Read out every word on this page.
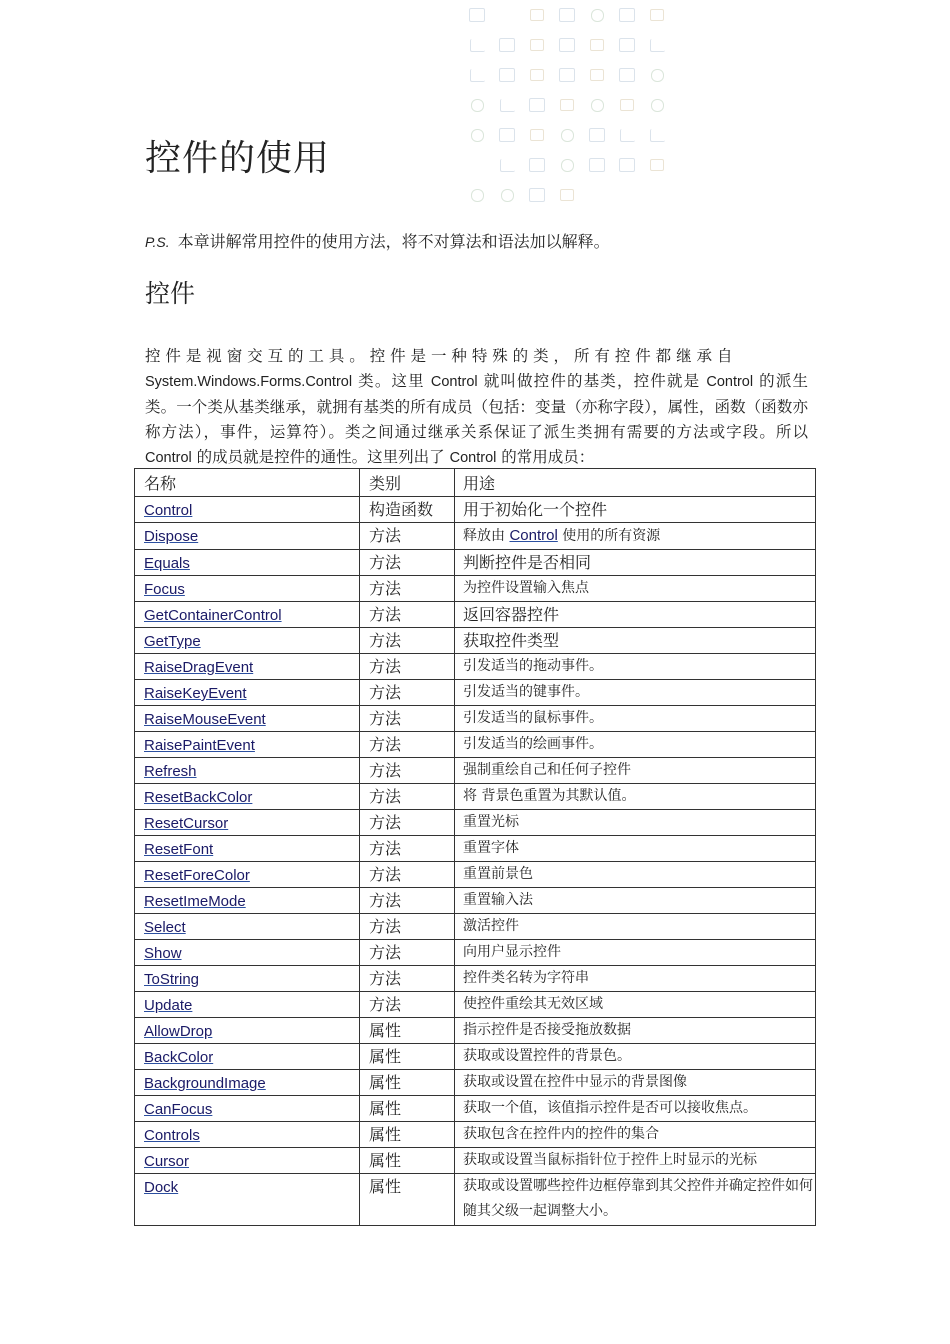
控件的使用

P.S. 本章讲解常用控件的使用方法，将不对算法和语法加以解释。

控件

控 件 是 视 窗 交 互 的 工 具 。 控 件 是 一 种 特 殊 的 类 ， 所 有 控 件 都 继 承 自
System.Windows.Forms.Control 类。这里 Control 就叫做控件的基类，控件就是 Control 的派生类。一个类从基类继承，就拥有基类的所有成员（包括：变量（亦称字段），属性，函数（函数亦称方法），事件，运算符）。类之间通过继承关系保证了派生类拥有需要的方法或字段。所以 Control 的成员就是控件的通性。这里列出了 Control 的常用成员：

名称	类别	用途
Control	构造函数	用于初始化一个控件
Dispose	方法	释放由 Control 使用的所有资源
Equals	方法	判断控件是否相同
Focus	方法	为控件设置输入焦点
GetContainerControl	方法	返回容器控件
GetType	方法	获取控件类型
RaiseDragEvent	方法	引发适当的拖动事件。
RaiseKeyEvent	方法	引发适当的键事件。
RaiseMouseEvent	方法	引发适当的鼠标事件。
RaisePaintEvent	方法	引发适当的绘画事件。
Refresh	方法	强制重绘自己和任何子控件
ResetBackColor	方法	将 背景色重置为其默认值。
ResetCursor	方法	重置光标
ResetFont	方法	重置字体
ResetForeColor	方法	重置前景色
ResetImeMode	方法	重置输入法
Select	方法	激活控件
Show	方法	向用户显示控件
ToString	方法	控件类名转为字符串
Update	方法	使控件重绘其无效区域
AllowDrop	属性	指示控件是否接受拖放数据
BackColor	属性	获取或设置控件的背景色。
BackgroundImage	属性	获取或设置在控件中显示的背景图像
CanFocus	属性	获取一个值，该值指示控件是否可以接收焦点。
Controls	属性	获取包含在控件内的控件的集合
Cursor	属性	获取或设置当鼠标指针位于控件上时显示的光标
Dock	属性	获取或设置哪些控件边框停靠到其父控件并确定控件如何随其父级一起调整大小。
